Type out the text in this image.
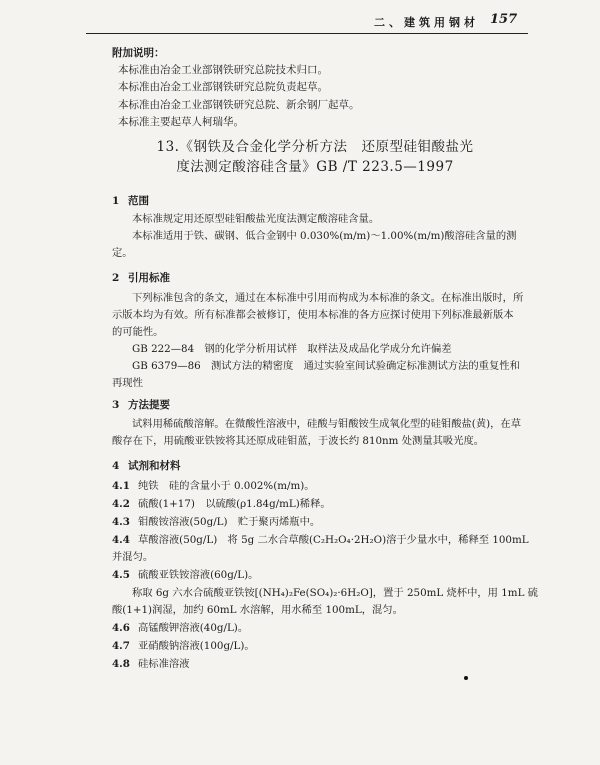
二、建筑用钢材 157
附加说明：
本标准由冶金工业部钢铁研究总院技术归口。
本标准由冶金工业部钢铁研究总院负责起草。
本标准由冶金工业部钢铁研究总院、新余钢厂起草。
本标准主要起草人柯瑞华。
13.《钢铁及合金化学分析方法　还原型硅钼酸盐光
度法测定酸溶硅含量》GB /T 223.5—1997
1 范围
本标准规定用还原型硅钼酸盐光度法测定酸溶硅含量。
本标准适用于铁、碳钢、低合金钢中 0.030%(m/m)～1.00%(m/m)酸溶硅含量的测
定。
2 引用标准
下列标准包含的条文，通过在本标准中引用而构成为本标准的条文。在标准出版时，所
示版本均为有效。所有标准都会被修订，使用本标准的各方应探讨使用下列标准最新版本
的可能性。
GB 222—84　钢的化学分析用试样　取样法及成品化学成分允许偏差
GB 6379—86　测试方法的精密度　通过实验室间试验确定标准测试方法的重复性和
再现性
3 方法提要
试料用稀硫酸溶解。在微酸性溶液中，硅酸与钼酸铵生成氧化型的硅钼酸盐(黄)，在草
酸存在下，用硫酸亚铁铵将其还原成硅钼蓝，于波长约 810nm 处测量其吸光度。
4 试剂和材料
4.1 纯铁　硅的含量小于 0.002%(m/m)。
4.2 硫酸(1+17)　以硫酸(ρ1.84g/mL)稀释。
4.3 钼酸铵溶液(50g/L)　贮于聚丙烯瓶中。
4.4 草酸溶液(50g/L)　将 5g 二水合草酸(C₂H₂O₄·2H₂O)溶于少量水中，稀释至 100mL
并混匀。
4.5 硫酸亚铁铵溶液(60g/L)。
称取 6g 六水合硫酸亚铁铵[(NH₄)₂Fe(SO₄)₂·6H₂O]，置于 250mL 烧杯中，用 1mL 硫
酸(1+1)润湿，加约 60mL 水溶解，用水稀至 100mL，混匀。
4.6 高锰酸钾溶液(40g/L)。
4.7 亚硝酸钠溶液(100g/L)。
4.8 硅标准溶液
